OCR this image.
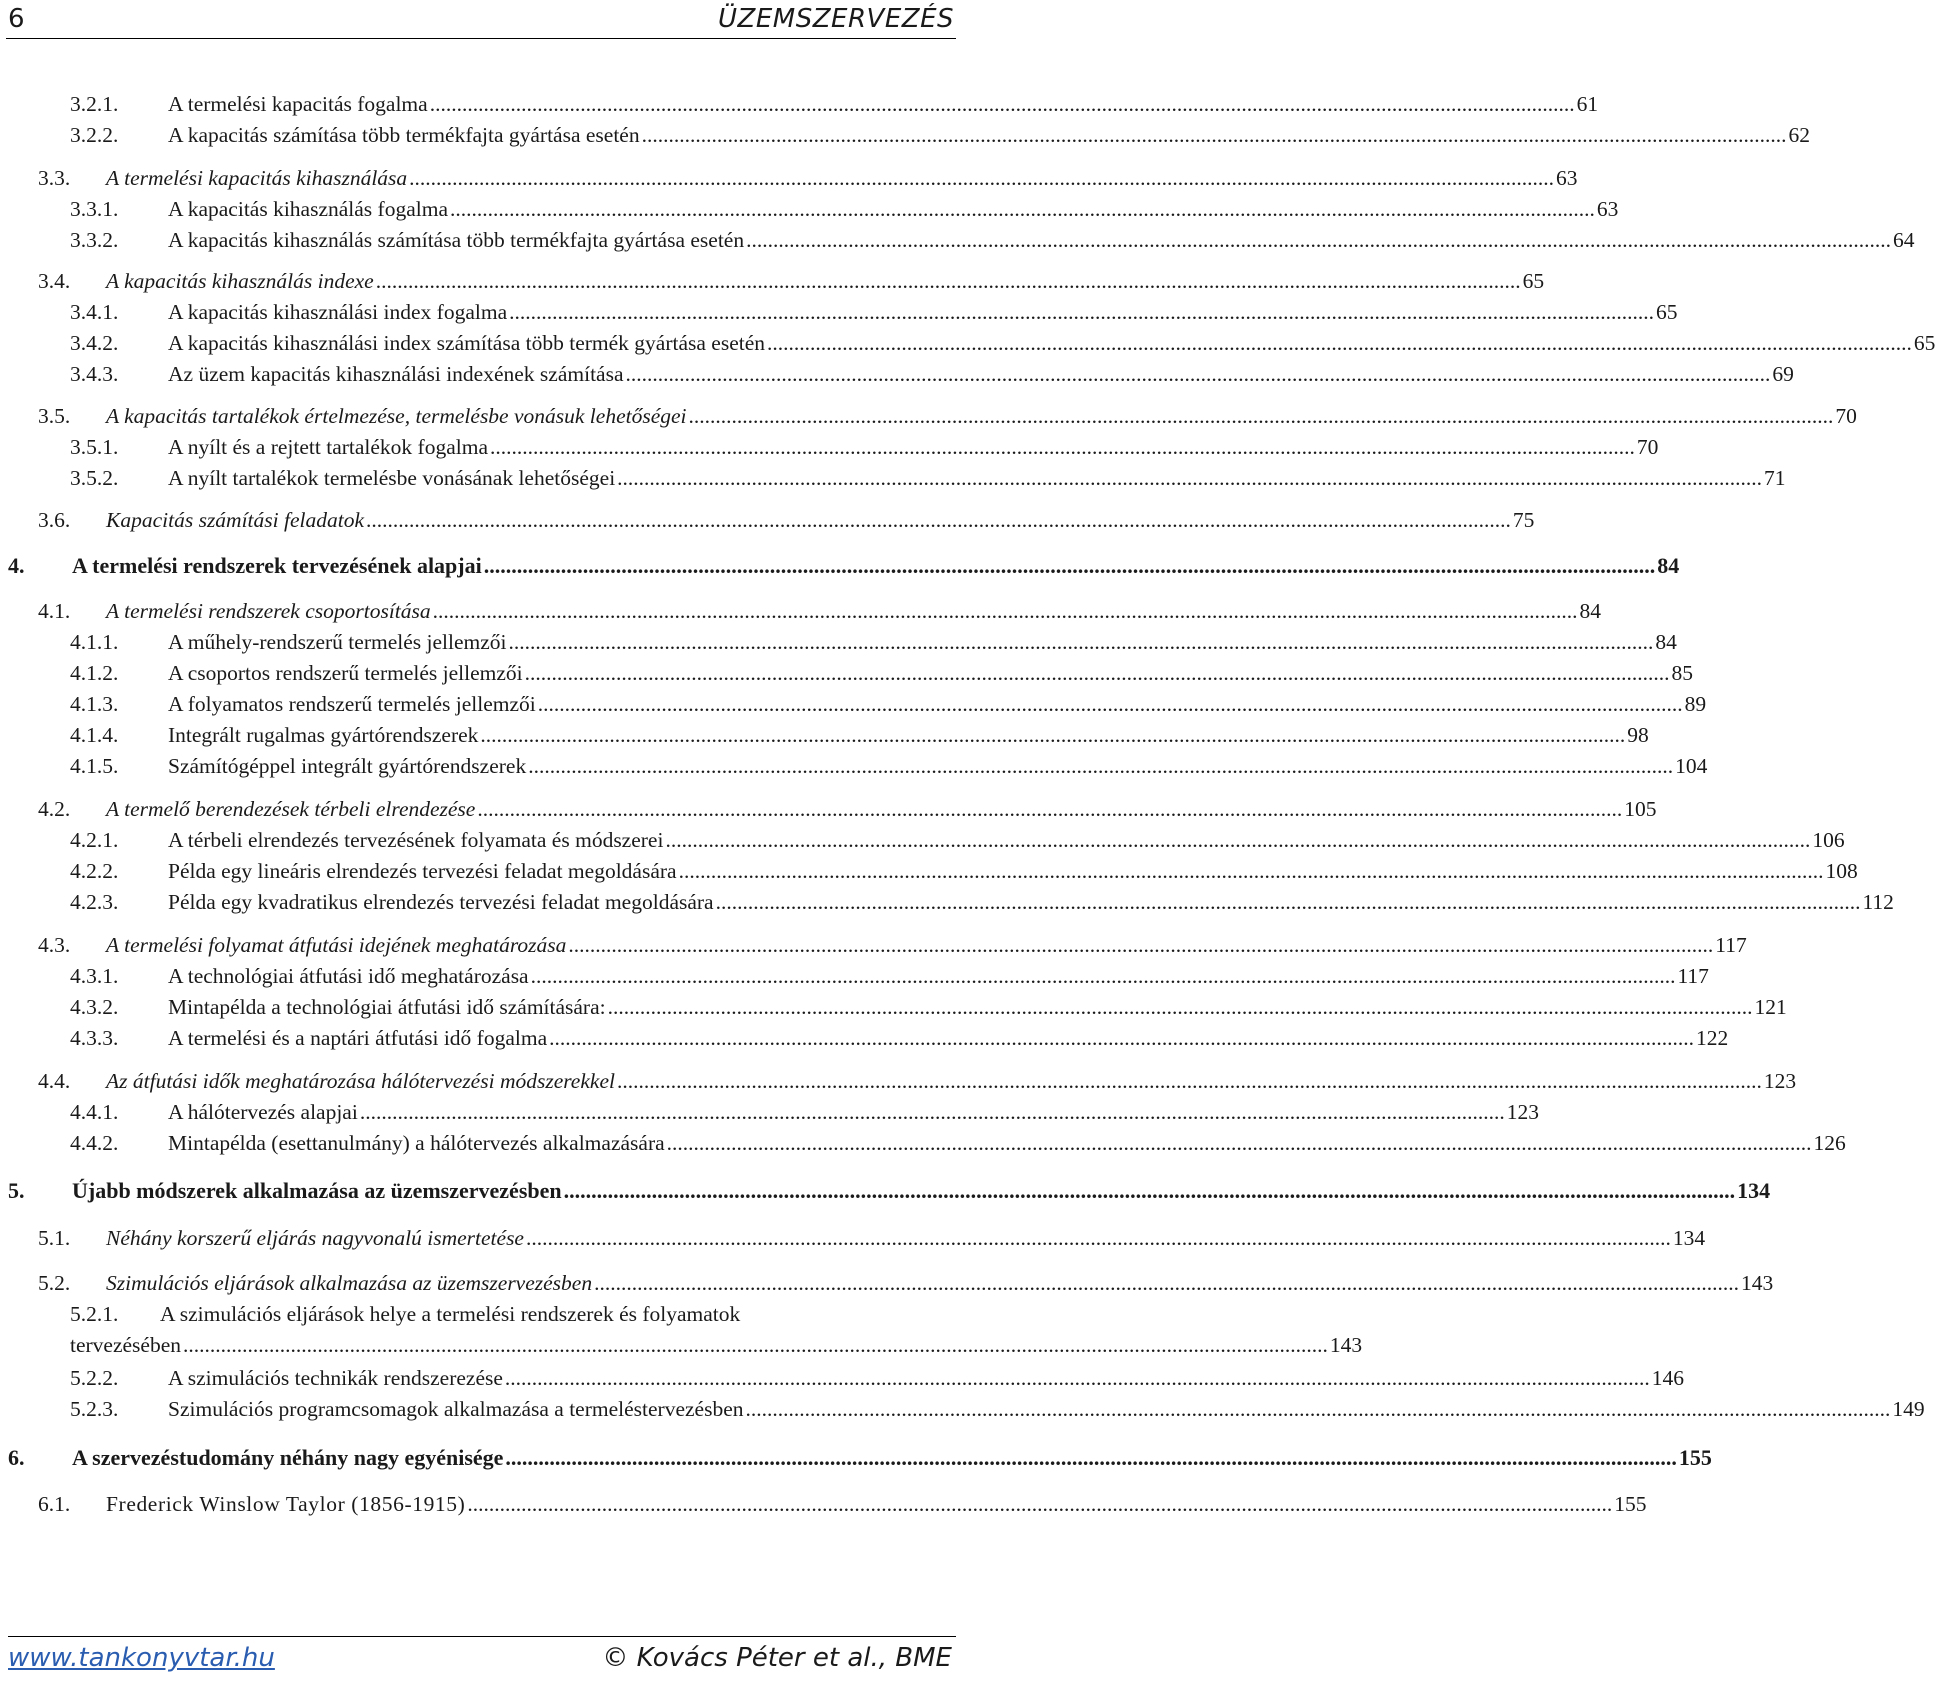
6	ÜZEMSZERVEZÉS
3.2.1. A termelési kapacitás fogalma .....	61
3.2.2. A kapacitás számítása több termékfajta gyártása esetén .....	62
3.3. A termelési kapacitás kihasználása .....	63
3.3.1. A kapacitás kihasználás fogalma .....	63
3.3.2. A kapacitás kihasználás számítása több termékfajta gyártása esetén .....	64
3.4. A kapacitás kihasználás indexe .....	65
3.4.1. A kapacitás kihasználási index fogalma .....	65
3.4.2. A kapacitás kihasználási index számítása több termék gyártása esetén .....	65
3.4.3. Az üzem kapacitás kihasználási indexének számítása .....	69
3.5. A kapacitás tartalékok értelmezése, termelésbe vonásuk lehetőségei .....	70
3.5.1. A nyílt és a rejtett tartalékok fogalma .....	70
3.5.2. A nyílt tartalékok termelésbe vonásának lehetőségei .....	71
3.6. Kapacitás számítási feladatok .....	75
4. A termelési rendszerek tervezésének alapjai .....	84
4.1. A termelési rendszerek csoportosítása .....	84
4.1.1. A műhely-rendszerű termelés jellemzői .....	84
4.1.2. A csoportos rendszerű termelés jellemzői .....	85
4.1.3. A folyamatos rendszerű termelés jellemzői .....	89
4.1.4. Integrált rugalmas gyártórendszerek .....	98
4.1.5. Számítógéppel integrált gyártórendszerek .....	104
4.2. A termelő berendezések térbeli elrendezése .....	105
4.2.1. A térbeli elrendezés tervezésének folyamata és módszerei .....	106
4.2.2. Példa egy lineáris elrendezés tervezési feladat megoldására .....	108
4.2.3. Példa egy kvadratikus elrendezés tervezési feladat megoldására .....	112
4.3. A termelési folyamat átfutási idejének meghatározása .....	117
4.3.1. A technológiai átfutási idő meghatározása .....	117
4.3.2. Mintapélda a technológiai átfutási idő számítására: .....	121
4.3.3. A termelési és a naptári átfutási idő fogalma .....	122
4.4. Az átfutási idők meghatározása hálótervezési módszerekkel .....	123
4.4.1. A hálótervezés alapjai .....	123
4.4.2. Mintapélda (esettanulmány) a hálótervezés alkalmazására .....	126
5. Újabb módszerek alkalmazása az üzemszervezésben .....	134
5.1. Néhány korszerű eljárás nagyvonalú ismertetése .....	134
5.2. Szimulációs eljárások alkalmazása az üzemszervezésben .....	143
5.2.1. A szimulációs eljárások helye a termelési rendszerek és folyamatok
tervezésében .....	143
5.2.2. A szimulációs technikák rendszerezése .....	146
5.2.3. Szimulációs programcsomagok alkalmazása a termeléstervezésben .....	149
6. A szervezéstudomány néhány nagy egyénisége .....	155
6.1. Frederick Winslow Taylor (1856-1915) .....	155
www.tankonyvtar.hu	© Kovács Péter et al., BME
